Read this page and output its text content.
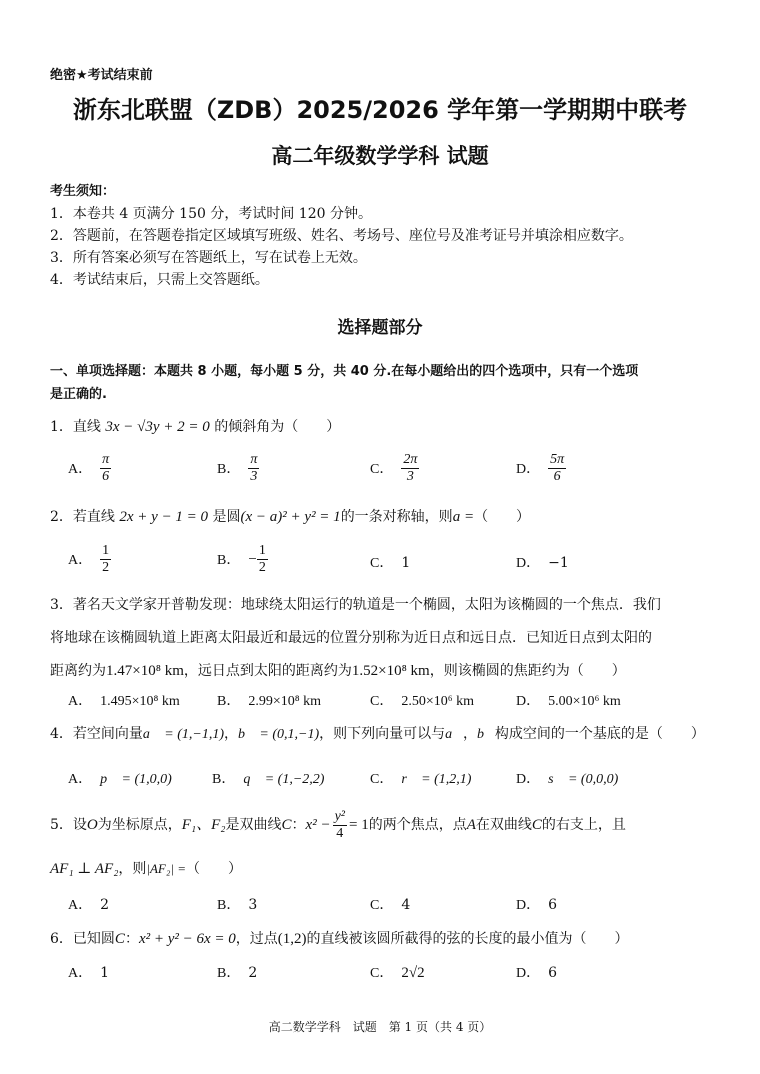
绝密★考试结束前
浙东北联盟（ZDB）2025/2026 学年第一学期期中联考
高二年级数学学科 试题
考生须知：
1．本卷共 4 页满分 150 分，考试时间 120 分钟。
2．答题前，在答题卷指定区域填写班级、姓名、考场号、座位号及准考证号并填涂相应数字。
3．所有答案必须写在答题纸上，写在试卷上无效。
4．考试结束后，只需上交答题纸。
选择题部分
一、单项选择题：本题共 8 小题，每小题 5 分，共 40 分.在每小题给出的四个选项中，只有一个选项
是正确的.
1．直线 3x − √3y + 2 = 0 的倾斜角为（　　）
A． $\frac{\pi}{6}$	B． $\frac{\pi}{3}$	C． $\frac{2\pi}{3}$	D． $\frac{5\pi}{6}$
2．若直线 2x + y − 1 = 0 是圆(x − a)² + y² = 1的一条对称轴，则a =（　　）
A． $\frac{1}{2}$	B． − $\frac{1}{2}$	C． 1	D． −1
3．著名天文学家开普勒发现：地球绕太阳运行的轨道是一个椭圆，太阳为该椭圆的一个焦点．我们
将地球在该椭圆轨道上距离太阳最近和最远的位置分别称为近日点和远日点．已知近日点到太阳的
距离约为1.47×10⁸ km，远日点到太阳的距离约为1.52×10⁸ km，则该椭圆的焦距约为（　　）
A． 1.495×10⁸ km	B． 2.99×10⁸ km	C． 2.50×10⁶ km	D． 5.00×10⁶ km
4．若空间向量a⃗ = (1,−1,1)，b⃗ = (0,1,−1)，则下列向量可以与a⃗，b⃗构成空间的一个基底的是（　　）
A． p⃗ = (1,0,0)	B． q⃗ = (1,−2,2)	C． r⃗ = (1,2,1)	D． s⃗ = (0,0,0)
5．设O为坐标原点，F₁、F₂是双曲线C：$x^2 - \frac{\text{y²}}{4} = 1$的两个焦点，点A在双曲线C的右支上，且
AF₁ ⊥ AF₂，则|AF₂| =（　　）
A． 2	B． 3	C． 4	D． 6
6．已知圆C：x² + y² − 6x = 0，过点(1,2)的直线被该圆所截得的弦的长度的最小值为（　　）
A． 1	B． 2	C． 2√2	D． 6
高二数学学科　试题　第 1 页（共 4 页）
